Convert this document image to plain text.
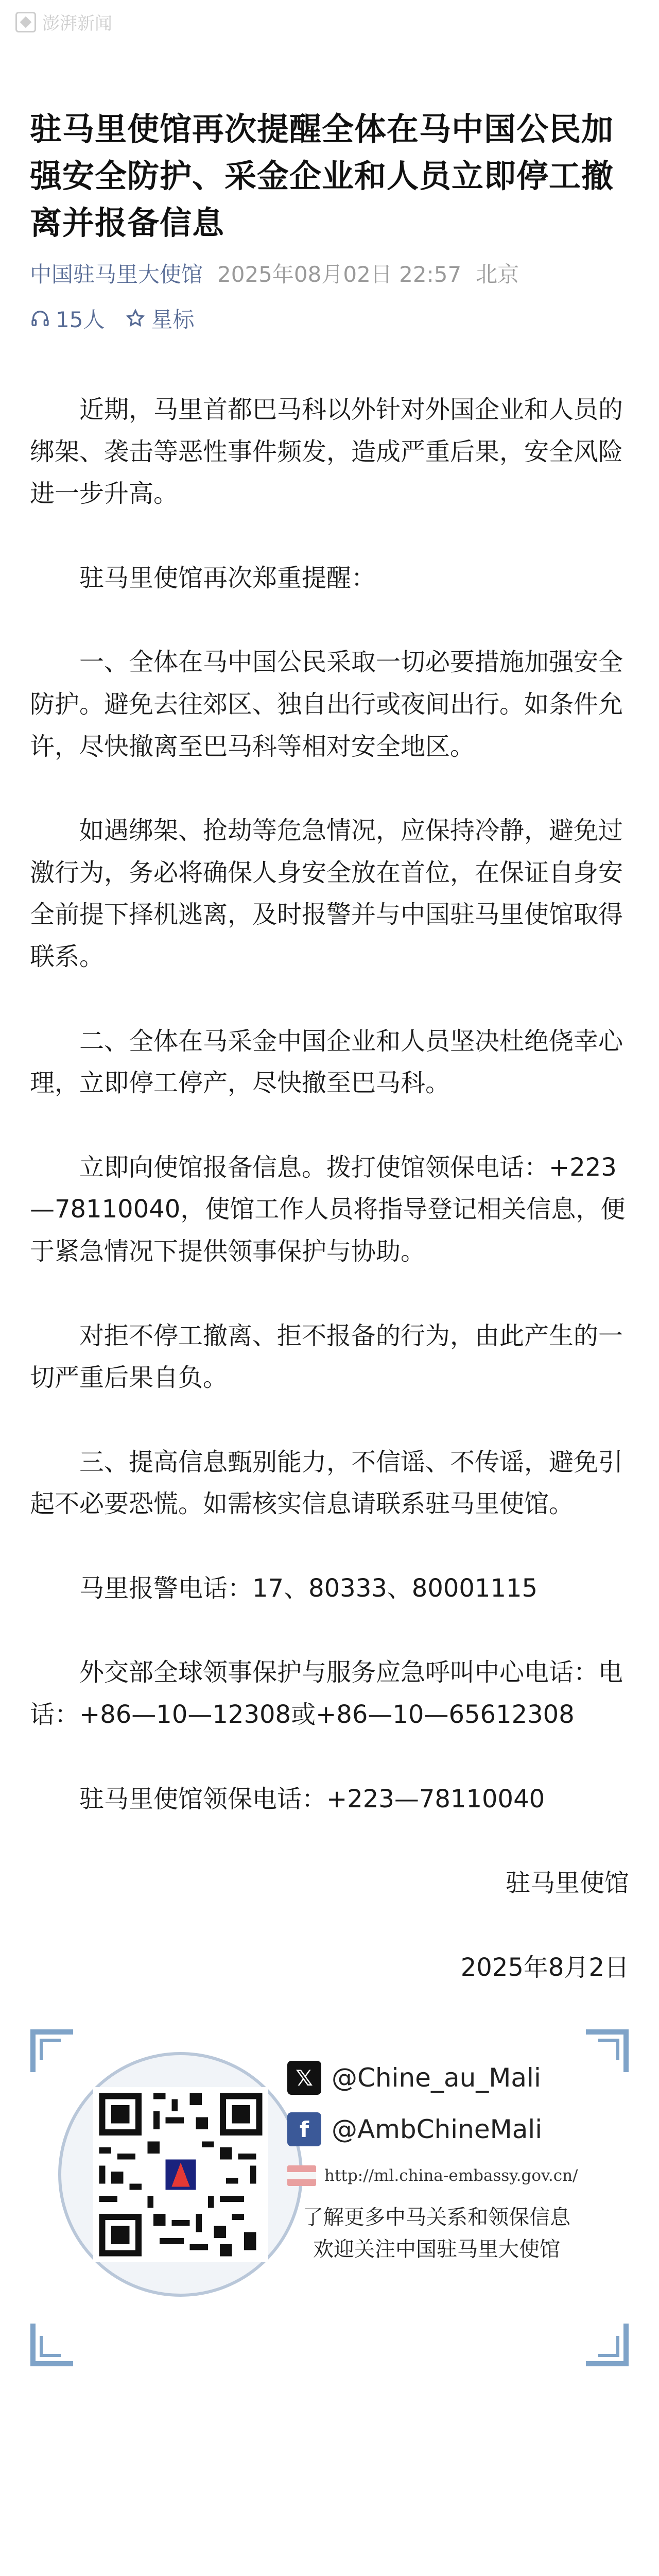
澎湃新闻
驻马里使馆再次提醒全体在马中国公民加强安全防护、采金企业和人员立即停工撤离并报备信息
中国驻马里大使馆 2025年08月02日 22:57 北京
15人 星标

近期，马里首都巴马科以外针对外国企业和人员的绑架、袭击等恶性事件频发，造成严重后果，安全风险进一步升高。

驻马里使馆再次郑重提醒：

一、全体在马中国公民采取一切必要措施加强安全防护。避免去往郊区、独自出行或夜间出行。如条件允许，尽快撤离至巴马科等相对安全地区。

如遇绑架、抢劫等危急情况，应保持冷静，避免过激行为，务必将确保人身安全放在首位，在保证自身安全前提下择机逃离，及时报警并与中国驻马里使馆取得联系。

二、全体在马采金中国企业和人员坚决杜绝侥幸心理，立即停工停产，尽快撤至巴马科。

立即向使馆报备信息。拨打使馆领保电话：+223—78110040，使馆工作人员将指导登记相关信息，便于紧急情况下提供领事保护与协助。

对拒不停工撤离、拒不报备的行为，由此产生的一切严重后果自负。

三、提高信息甄别能力，不信谣、不传谣，避免引起不必要恐慌。如需核实信息请联系驻马里使馆。

马里报警电话：17、80333、80001115

外交部全球领事保护与服务应急呼叫中心电话：电话：+86—10—12308或+86—10—65612308

驻马里使馆领保电话：+223—78110040

驻马里使馆

2025年8月2日

𝕏 @Chine_au_Mali
f @AmbChineMali
http://ml.china-embassy.gov.cn/
了解更多中马关系和领保信息
欢迎关注中国驻马里大使馆
